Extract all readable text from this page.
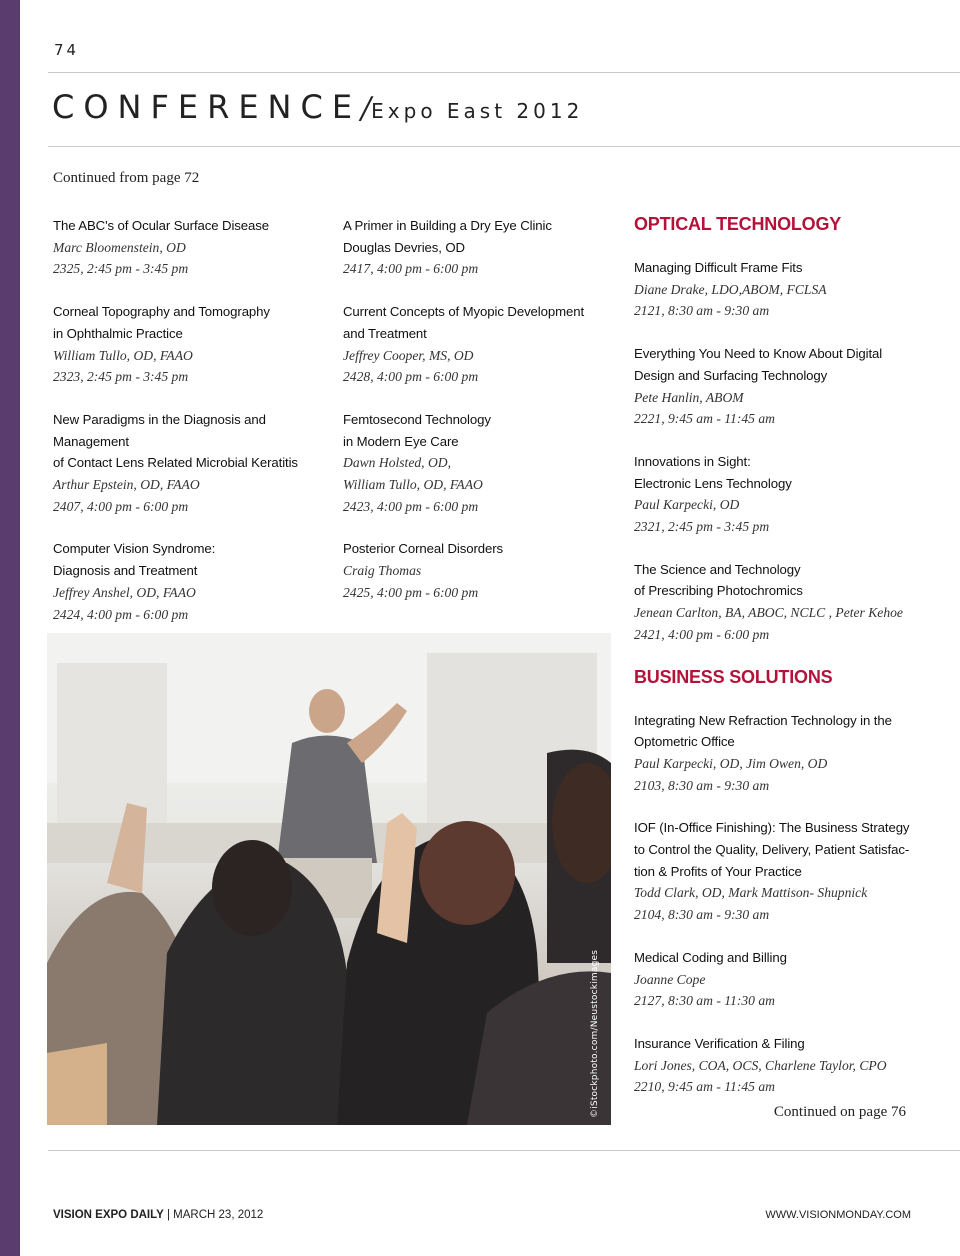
74
CONFERENCE/Expo East 2012
Continued from page 72
The ABC's of Ocular Surface Disease
Marc Bloomenstein, OD
2325, 2:45 pm - 3:45 pm
Corneal Topography and Tomography
in Ophthalmic Practice
William Tullo, OD, FAAO
2323, 2:45 pm - 3:45 pm
New Paradigms in the Diagnosis and Management
of Contact Lens Related Microbial Keratitis
Arthur Epstein, OD, FAAO
2407, 4:00 pm - 6:00 pm
Computer Vision Syndrome:
Diagnosis and Treatment
Jeffrey Anshel, OD, FAAO
2424, 4:00 pm - 6:00 pm
A Primer in Building a Dry Eye Clinic
Douglas Devries, OD
2417, 4:00 pm - 6:00 pm
Current Concepts of Myopic Development
and Treatment
Jeffrey Cooper, MS, OD
2428, 4:00 pm - 6:00 pm
Femtosecond Technology
in Modern Eye Care
Dawn Holsted, OD,
William Tullo, OD, FAAO
2423, 4:00 pm - 6:00 pm
Posterior Corneal Disorders
Craig Thomas
2425, 4:00 pm - 6:00 pm
OPTICAL TECHNOLOGY
Managing Difficult Frame Fits
Diane Drake, LDO,ABOM, FCLSA
2121, 8:30 am - 9:30 am
Everything You Need to Know About Digital
Design and Surfacing Technology
Pete Hanlin, ABOM
2221, 9:45 am - 11:45 am
Innovations in Sight:
Electronic Lens Technology
Paul Karpecki, OD
2321, 2:45 pm - 3:45 pm
The Science and Technology
of Prescribing Photochromics
Jenean Carlton, BA, ABOC, NCLC , Peter Kehoe
2421, 4:00 pm - 6:00 pm
BUSINESS SOLUTIONS
Integrating New Refraction Technology in the
Optometric Office
Paul Karpecki, OD, Jim Owen, OD
2103, 8:30 am - 9:30 am
IOF (In-Office Finishing): The Business Strategy
to Control the Quality, Delivery, Patient Satisfac-
tion & Profits of Your Practice
Todd Clark, OD, Mark Mattison- Shupnick
2104, 8:30 am - 9:30 am
Medical Coding and Billing
Joanne Cope
2127, 8:30 am - 11:30 am
Insurance Verification & Filing
Lori Jones, COA, OCS, Charlene Taylor, CPO
2210, 9:45 am - 11:45 am
©iStockphoto.com/Neustockimages	Continued on page 76
VISION EXPO DAILY | MARCH 23, 2012	WWW.VISIONMONDAY.COM
